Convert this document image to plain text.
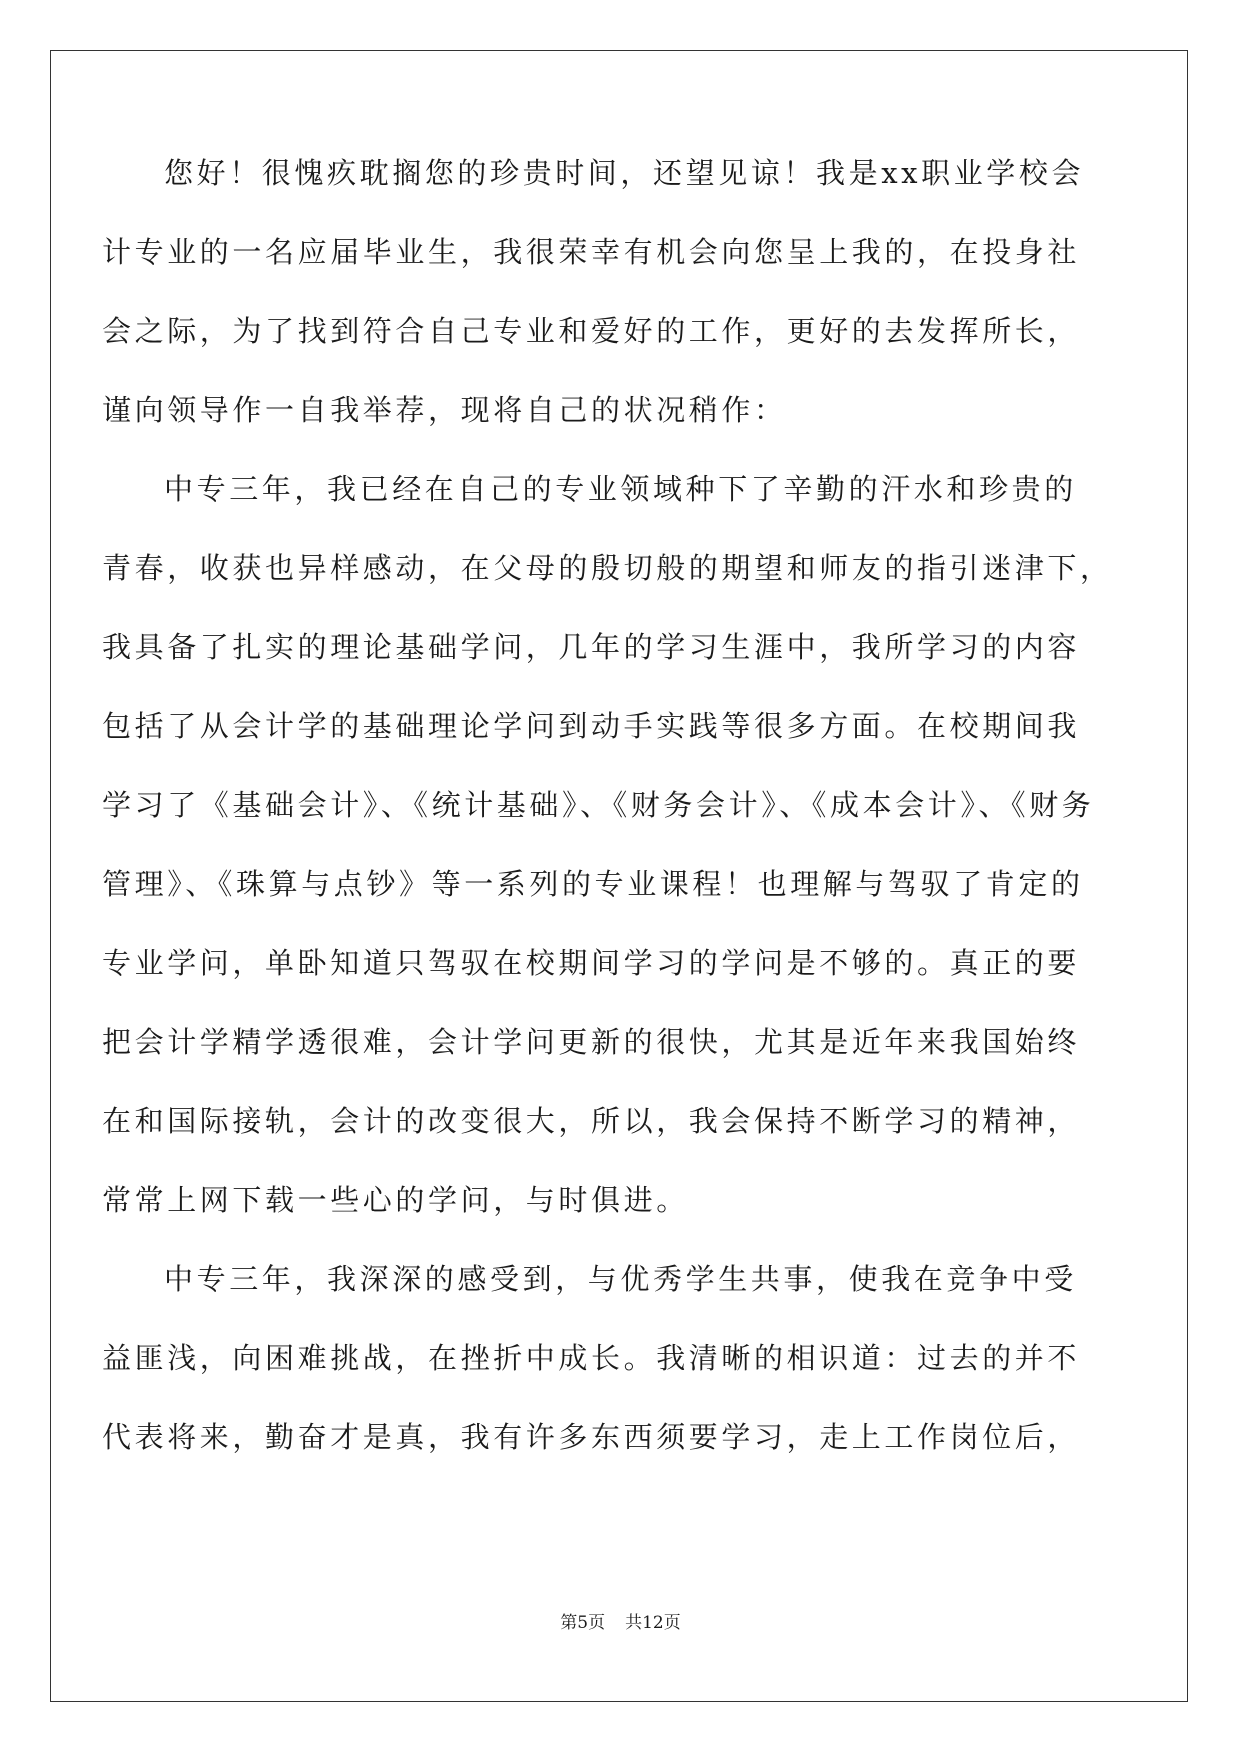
您好！很愧疚耽搁您的珍贵时间，还望见谅！我是xx职业学校会
计专业的一名应届毕业生，我很荣幸有机会向您呈上我的，在投身社
会之际，为了找到符合自己专业和爱好的工作，更好的去发挥所长，
谨向领导作一自我举荐，现将自己的状况稍作：
中专三年，我已经在自己的专业领域种下了辛勤的汗水和珍贵的
青春，收获也异样感动，在父母的殷切般的期望和师友的指引迷津下，
我具备了扎实的理论基础学问，几年的学习生涯中，我所学习的内容
包括了从会计学的基础理论学问到动手实践等很多方面。在校期间我
学习了《基础会计》、《统计基础》、《财务会计》、《成本会计》、《财务
管理》、《珠算与点钞》等一系列的专业课程！也理解与驾驭了肯定的
专业学问，单卧知道只驾驭在校期间学习的学问是不够的。真正的要
把会计学精学透很难，会计学问更新的很快，尤其是近年来我国始终
在和国际接轨，会计的改变很大，所以，我会保持不断学习的精神，
常常上网下载一些心的学问，与时俱进。
中专三年，我深深的感受到，与优秀学生共事，使我在竞争中受
益匪浅，向困难挑战，在挫折中成长。我清晰的相识道：过去的并不
代表将来，勤奋才是真，我有许多东西须要学习，走上工作岗位后，
第5页 共12页
